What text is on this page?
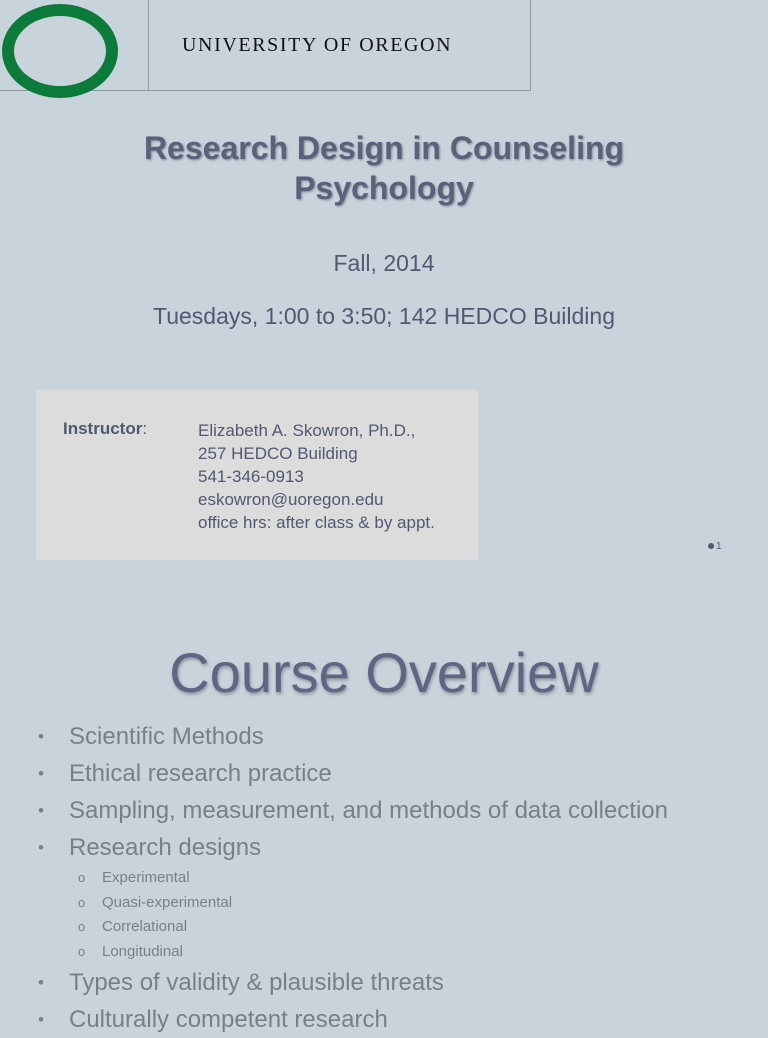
UNIVERSITY OF OREGON
Research Design in Counseling
Psychology
Fall, 2014
Tuesdays, 1:00 to 3:50; 142 HEDCO Building
Instructor:	Elizabeth A. Skowron, Ph.D.,
257 HEDCO Building
541-346-0913
eskowron@uoregon.edu
office hrs: after class & by appt.
1
Course Overview
• Scientific Methods
• Ethical research practice
• Sampling, measurement, and methods of data collection
• Research designs
o Experimental
o Quasi-experimental
o Correlational
o Longitudinal
• Types of validity & plausible threats
• Culturally competent research
